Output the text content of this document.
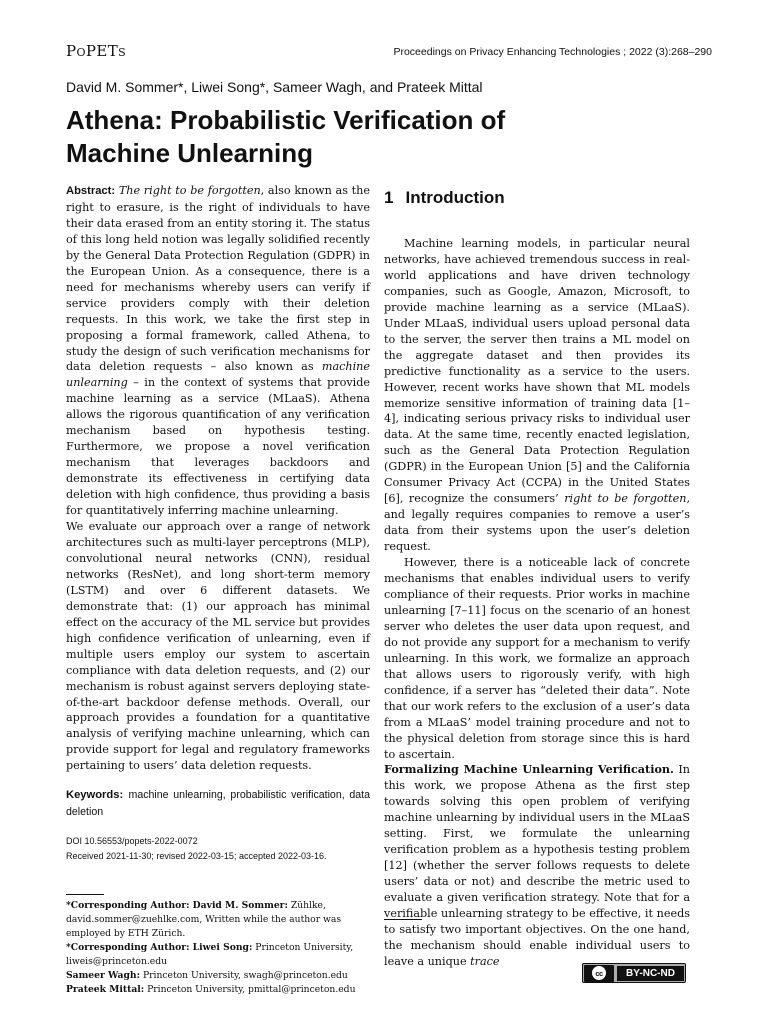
PoPETs	Proceedings on Privacy Enhancing Technologies ; 2022 (3):268–290
David M. Sommer*, Liwei Song*, Sameer Wagh, and Prateek Mittal
Athena: Probabilistic Verification of Machine Unlearning

Abstract: The right to be forgotten, also known as the right to erasure, is the right of individuals to have their data erased from an entity storing it. The status of this long held notion was legally solidified recently by the General Data Protection Regulation (GDPR) in the European Union. As a consequence, there is a need for mechanisms whereby users can verify if service providers comply with their deletion requests. In this work, we take the first step in proposing a formal framework, called Athena, to study the design of such verification mechanisms for data deletion requests – also known as machine unlearning – in the context of systems that provide machine learning as a service (MLaaS). Athena allows the rigorous quantification of any verification mechanism based on hypothesis testing. Furthermore, we propose a novel verification mechanism that leverages backdoors and demonstrate its effectiveness in certifying data deletion with high confidence, thus providing a basis for quantitatively inferring machine unlearning.

We evaluate our approach over a range of network architectures such as multi-layer perceptrons (MLP), convolutional neural networks (CNN), residual networks (ResNet), and long short-term memory (LSTM) and over 6 different datasets. We demonstrate that: (1) our approach has minimal effect on the accuracy of the ML service but provides high confidence verification of unlearning, even if multiple users employ our system to ascertain compliance with data deletion requests, and (2) our mechanism is robust against servers deploying state-of-the-art backdoor defense methods. Overall, our approach provides a foundation for a quantitative analysis of verifying machine unlearning, which can provide support for legal and regulatory frameworks pertaining to users’ data deletion requests.

Keywords: machine unlearning, probabilistic verification, data deletion

DOI 10.56553/popets-2022-0072

Received 2021-11-30; revised 2022-03-15; accepted 2022-03-16.

*Corresponding Author: David M. Sommer: Zühlke, david.sommer@zuehlke.com, Written while the author was employed by ETH Zürich.

*Corresponding Author: Liwei Song: Princeton University, liweis@princeton.edu

Sameer Wagh: Princeton University, swagh@princeton.edu

Prateek Mittal: Princeton University, pmittal@princeton.edu

1 Introduction

Machine learning models, in particular neural networks, have achieved tremendous success in real-world applications and have driven technology companies, such as Google, Amazon, Microsoft, to provide machine learning as a service (MLaaS). Under MLaaS, individual users upload personal data to the server, the server then trains a ML model on the aggregate dataset and then provides its predictive functionality as a service to the users. However, recent works have shown that ML models memorize sensitive information of training data [1–4], indicating serious privacy risks to individual user data. At the same time, recently enacted legislation, such as the General Data Protection Regulation (GDPR) in the European Union [5] and the California Consumer Privacy Act (CCPA) in the United States [6], recognize the consumers’ right to be forgotten, and legally requires companies to remove a user’s data from their systems upon the user’s deletion request.

However, there is a noticeable lack of concrete mechanisms that enables individual users to verify compliance of their requests. Prior works in machine unlearning [7–11] focus on the scenario of an honest server who deletes the user data upon request, and do not provide any support for a mechanism to verify unlearning. In this work, we formalize an approach that allows users to rigorously verify, with high confidence, if a server has “deleted their data”. Note that our work refers to the exclusion of a user’s data from a MLaaS’ model training procedure and not to the physical deletion from storage since this is hard to ascertain.

Formalizing Machine Unlearning Verification. In this work, we propose Athena as the first step towards solving this open problem of verifying machine unlearning by individual users in the MLaaS setting. First, we formulate the unlearning verification problem as a hypothesis testing problem [12] (whether the server follows requests to delete users’ data or not) and describe the metric used to evaluate a given verification strategy. Note that for a verifiable unlearning strategy to be effective, it needs to satisfy two important objectives. On the one hand, the mechanism should enable individual users to leave a unique trace

cc	BY-NC-ND
